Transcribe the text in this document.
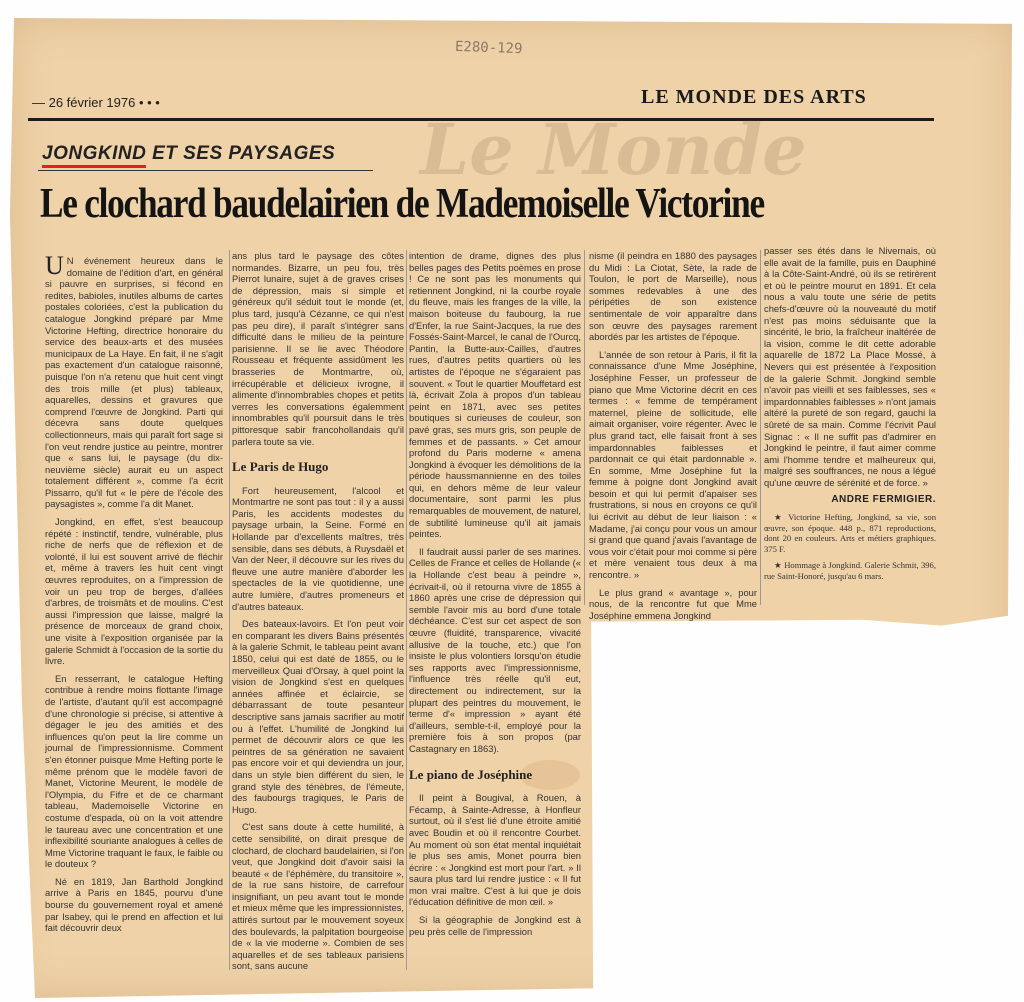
E280-129
— 26 février 1976 • • •	LE MONDE DES ARTS
Le Monde
JONGKIND ET SES PAYSAGES
Le clochard baudelairien de Mademoiselle Victorine

U N événement heureux dans le domaine de l'édition d'art, en général si pauvre en surprises, si fécond en redites, babioles, inutiles albums de cartes postales coloriées, c'est la publication du catalogue Jongkind préparé par Mme Victorine Hefting, directrice honoraire du service des beaux-arts et des musées municipaux de La Haye. En fait, il ne s'agit pas exactement d'un catalogue raisonné, puisque l'on n'a retenu que huit cent vingt des trois mille (et plus) tableaux, aquarelles, dessins et gravures que comprend l'œuvre de Jongkind. Parti qui décevra sans doute quelques collectionneurs, mais qui paraît fort sage si l'on veut rendre justice au peintre, montrer que « sans lui, le paysage (du dix-neuvième siècle) aurait eu un aspect totalement différent », comme l'a écrit Pissarro, qu'il fut « le père de l'école des paysagistes », comme l'a dit Manet.

Jongkind, en effet, s'est beaucoup répété : instinctif, tendre, vulnérable, plus riche de nerfs que de réflexion et de volonté, il lui est souvent arrivé de fléchir et, même à travers les huit cent vingt œuvres reproduites, on a l'impression de voir un peu trop de berges, d'allées d'arbres, de troismâts et de moulins. C'est aussi l'impression que laisse, malgré la présence de morceaux de grand choix, une visite à l'exposition organisée par la galerie Schmidt à l'occasion de la sortie du livre.

En resserrant, le catalogue Hefting contribue à rendre moins flottante l'image de l'artiste, d'autant qu'il est accompagné d'une chronologie si précise, si attentive à dégager le jeu des amitiés et des influences qu'on peut la lire comme un journal de l'impressionnisme. Comment s'en étonner puisque Mme Hefting porte le même prénom que le modèle favori de Manet, Victorine Meurent, le modèle de l'Olympia, du Fifre et de ce charmant tableau, Mademoiselle Victorine en costume d'espada, où on la voit attendre le taureau avec une concentration et une inflexibilité souriante analogues à celles de Mme Victorine traquant le faux, le faible ou le douteux ?

Né en 1819, Jan Barthold Jongkind arrive à Paris en 1845, pourvu d'une bourse du gouvernement royal et amené par Isabey, qui le prend en affection et lui fait découvrir deux

ans plus tard le paysage des côtes normandes. Bizarre, un peu fou, très Pierrot lunaire, sujet à de graves crises de dépression, mais si simple et généreux qu'il séduit tout le monde (et, plus tard, jusqu'à Cézanne, ce qui n'est pas peu dire), il paraît s'intégrer sans difficulté dans le milieu de la peinture parisienne. Il se lie avec Théodore Rousseau et fréquente assidûment les brasseries de Montmartre, où, irrécupérable et délicieux ivrogne, il alimente d'innombrables chopes et petits verres les conversations égalemment innombrables qu'il poursuit dans le très pittoresque sabir francohollandais qu'il parlera toute sa vie.

Le Paris de Hugo

Fort heureusement, l'alcool et Montmartre ne sont pas tout : il y a aussi Paris, les accidents modestes du paysage urbain, la Seine. Formé en Hollande par d'excellents maîtres, très sensible, dans ses débuts, à Ruysdaël et Van der Neer, il découvre sur les rives du fleuve une autre manière d'aborder les spectacles de la vie quotidienne, une autre lumière, d'autres promeneurs et d'autres bateaux.

Des bateaux-lavoirs. Et l'on peut voir en comparant les divers Bains présentés à la galerie Schmit, le tableau peint avant 1850, celui qui est daté de 1855, ou le merveilleux Quai d'Orsay, à quel point la vision de Jongkind s'est en quelques années affinée et éclaircie, se débarrassant de toute pesanteur descriptive sans jamais sacrifier au motif ou à l'effet. L'humilité de Jongkind lui permet de découvrir alors ce que les peintres de sa génération ne savaient pas encore voir et qui deviendra un jour, dans un style bien différent du sien, le grand style des ténèbres, de l'émeute, des faubourgs tragiques, le Paris de Hugo.

C'est sans doute à cette humilité, à cette sensibilité, on dirait presque de clochard, de clochard baudelairien, si l'on veut, que Jongkind doit d'avoir saisi la beauté « de l'éphémère, du transitoire », de la rue sans histoire, de carrefour insignifiant, un peu avant tout le monde et mieux même que les impressionnistes, attirés surtout par le mouvement soyeux des boulevards, la palpitation bourgeoise de « la vie moderne ». Combien de ses aquarelles et de ses tableaux parisiens sont, sans aucune

intention de drame, dignes des plus belles pages des Petits poèmes en prose ! Ce ne sont pas les monuments qui retiennent Jongkind, ni la courbe royale du fleuve, mais les franges de la ville, la maison boiteuse du faubourg, la rue d'Enfer, la rue Saint-Jacques, la rue des Fossés-Saint-Marcel, le canal de l'Ourcq, Pantin, la Butte-aux-Cailles, d'autres rues, d'autres petits quartiers où les artistes de l'époque ne s'égaraient pas souvent. « Tout le quartier Mouffetard est là, écrivait Zola à propos d'un tableau peint en 1871, avec ses petites boutiques si curieuses de couleur, son pavé gras, ses murs gris, son peuple de femmes et de passants. » Cet amour profond du Paris moderne « amena Jongkind à évoquer les démolitions de la période haussmannienne en des toiles qui, en dehors même de leur valeur documentaire, sont parmi les plus remarquables de mouvement, de naturel, de subtilité lumineuse qu'il ait jamais peintes.

Il faudrait aussi parler de ses marines. Celles de France et celles de Hollande (« la Hollande c'est beau à peindre », écrivait-il, où il retourna vivre de 1855 à 1860 après une crise de dépression qui semble l'avoir mis au bord d'une totale déchéance. C'est sur cet aspect de son œuvre (fluidité, transparence, vivacité allusive de la touche, etc.) que l'on insiste le plus volontiers lorsqu'on étudie ses rapports avec l'impressionnisme, l'influence très réelle qu'il eut, directement ou indirectement, sur la plupart des peintres du mouvement, le terme d'« impression » ayant été d'ailleurs, semble-t-il, employé pour la première fois à son propos (par Castagnary en 1863).

Le piano de Joséphine

Il peint à Bougival, à Rouen, à Fécamp, à Sainte-Adresse, à Honfleur surtout, où il s'est lié d'une étroite amitié avec Boudin et où il rencontre Courbet. Au moment où son état mental inquiétait le plus ses amis, Monet pourra bien écrire : « Jongkind est mort pour l'art. » Il saura plus tard lui rendre justice : « Il fut mon vrai maître. C'est à lui que je dois l'éducation définitive de mon œil. »

Si la géographie de Jongkind est à peu près celle de l'impression

nisme (il peindra en 1880 des paysages du Midi : La Ciotat, Sète, la rade de Toulon, le port de Marseille), nous sommes redevables à une des péripéties de son existence sentimentale de voir apparaître dans son œuvre des paysages rarement abordés par les artistes de l'époque.

L'année de son retour à Paris, il fit la connaissance d'une Mme Joséphine, Joséphine Fesser, un professeur de piano que Mme Victorine décrit en ces termes : « femme de tempérament maternel, pleine de sollicitude, elle aimait organiser, voire régenter. Avec le plus grand tact, elle faisait front à ses impardonnables faiblesses et pardonnait ce qui était pardonnable ». En somme, Mme Joséphine fut la femme à poigne dont Jongkind avait besoin et qui lui permit d'apaiser ses frustrations, si nous en croyons ce qu'il lui écrivit au début de leur liaison : « Madame, j'ai conçu pour vous un amour si grand que quand j'avais l'avantage de vous voir c'était pour moi comme si père et mère venaient tous deux à ma rencontre. »

Le plus grand « avantage », pour nous, de la rencontre fut que Mme Joséphine emmena Jongkind

passer ses étés dans le Nivernais, où elle avait de la famille, puis en Dauphiné à la Côte-Saint-André, où ils se retirèrent et où le peintre mourut en 1891. Et cela nous a valu toute une série de petits chefs-d'œuvre où la nouveauté du motif n'est pas moins séduisante que la sincérité, le brio, la fraîcheur inaltérée de la vision, comme le dit cette adorable aquarelle de 1872 La Place Mossé, à Nevers qui est présentée à l'exposition de la galerie Schmit. Jongkind semble n'avoir pas vieilli et ses faiblesses, ses « impardonnables faiblesses » n'ont jamais altéré la pureté de son regard, gauchi la sûreté de sa main. Comme l'écrivit Paul Signac : « Il ne suffit pas d'admirer en Jongkind le peintre, il faut aimer comme ami l'homme tendre et malheureux qui, malgré ses souffrances, ne nous a légué qu'une œuvre de sérénité et de force. »

ANDRE FERMIGIER.

★ Victorine Hefting, Jongkind, sa vie, son œuvre, son époque. 448 p., 871 reproductions, dont 20 en couleurs. Arts et métiers graphiques. 375 F.

★ Hommage à Jongkind. Galerie Schmit, 396, rue Saint-Honoré, jusqu'au 6 mars.
